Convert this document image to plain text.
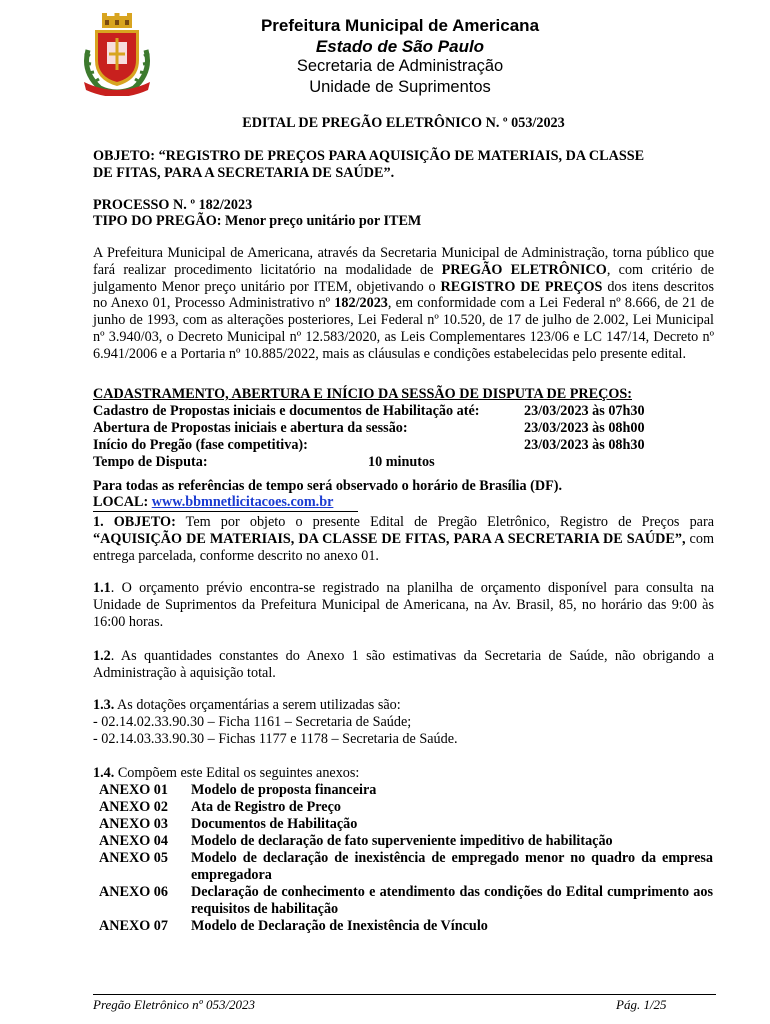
Prefeitura Municipal de Americana
Estado de São Paulo
Secretaria de Administração
Unidade de Suprimentos
EDITAL DE PREGÃO ELETRÔNICO N. º 053/2023
OBJETO: “REGISTRO DE PREÇOS PARA AQUISIÇÃO DE MATERIAIS, DA CLASSE
DE FITAS, PARA A SECRETARIA DE SAÚDE”.
PROCESSO N. º 182/2023
TIPO DO PREGÃO: Menor preço unitário por ITEM
A Prefeitura Municipal de Americana, através da Secretaria Municipal de Administração, torna público que fará realizar procedimento licitatório na modalidade de PREGÃO ELETRÔNICO, com critério de julgamento Menor preço unitário por ITEM, objetivando o REGISTRO DE PREÇOS dos itens descritos no Anexo 01, Processo Administrativo nº 182/2023, em conformidade com a Lei Federal nº 8.666, de 21 de junho de 1993, com as alterações posteriores, Lei Federal nº 10.520, de 17 de julho de 2.002, Lei Municipal nº 3.940/03, o Decreto Municipal nº 12.583/2020, as Leis Complementares 123/06 e LC 147/14, Decreto nº 6.941/2006 e a Portaria nº 10.885/2022, mais as cláusulas e condições estabelecidas pelo presente edital.
CADASTRAMENTO, ABERTURA E INÍCIO DA SESSÃO DE DISPUTA DE PREÇOS:
Cadastro de Propostas iniciais e documentos de Habilitação até:	23/03/2023 às 07h30
Abertura de Propostas iniciais e abertura da sessão:	23/03/2023 às 08h00
Início do Pregão (fase competitiva):	23/03/2023 às 08h30
Tempo de Disputa:	10 minutos
Para todas as referências de tempo será observado o horário de Brasília (DF).
LOCAL: www.bbmnetlicitacoes.com.br
1. OBJETO: Tem por objeto o presente Edital de Pregão Eletrônico, Registro de Preços para “AQUISIÇÃO DE MATERIAIS, DA CLASSE DE FITAS, PARA A SECRETARIA DE SAÚDE”, com entrega parcelada, conforme descrito no anexo 01.
1.1. O orçamento prévio encontra-se registrado na planilha de orçamento disponível para consulta na Unidade de Suprimentos da Prefeitura Municipal de Americana, na Av. Brasil, 85, no horário das 9:00 às 16:00 horas.
1.2. As quantidades constantes do Anexo 1 são estimativas da Secretaria de Saúde, não obrigando a Administração à aquisição total.
1.3. As dotações orçamentárias a serem utilizadas são:
- 02.14.02.33.90.30 – Ficha 1161 – Secretaria de Saúde;
- 02.14.03.33.90.30 – Fichas 1177 e 1178 – Secretaria de Saúde.
1.4. Compõem este Edital os seguintes anexos:
ANEXO 01 Modelo de proposta financeira
ANEXO 02 Ata de Registro de Preço
ANEXO 03 Documentos de Habilitação
ANEXO 04 Modelo de declaração de fato superveniente impeditivo de habilitação
ANEXO 05 Modelo de declaração de inexistência de empregado menor no quadro da empresa empregadora
ANEXO 06 Declaração de conhecimento e atendimento das condições do Edital cumprimento aos requisitos de habilitação
ANEXO 07 Modelo de Declaração de Inexistência de Vínculo
Pregão Eletrônico nº 053/2023	Pág. 1/25
